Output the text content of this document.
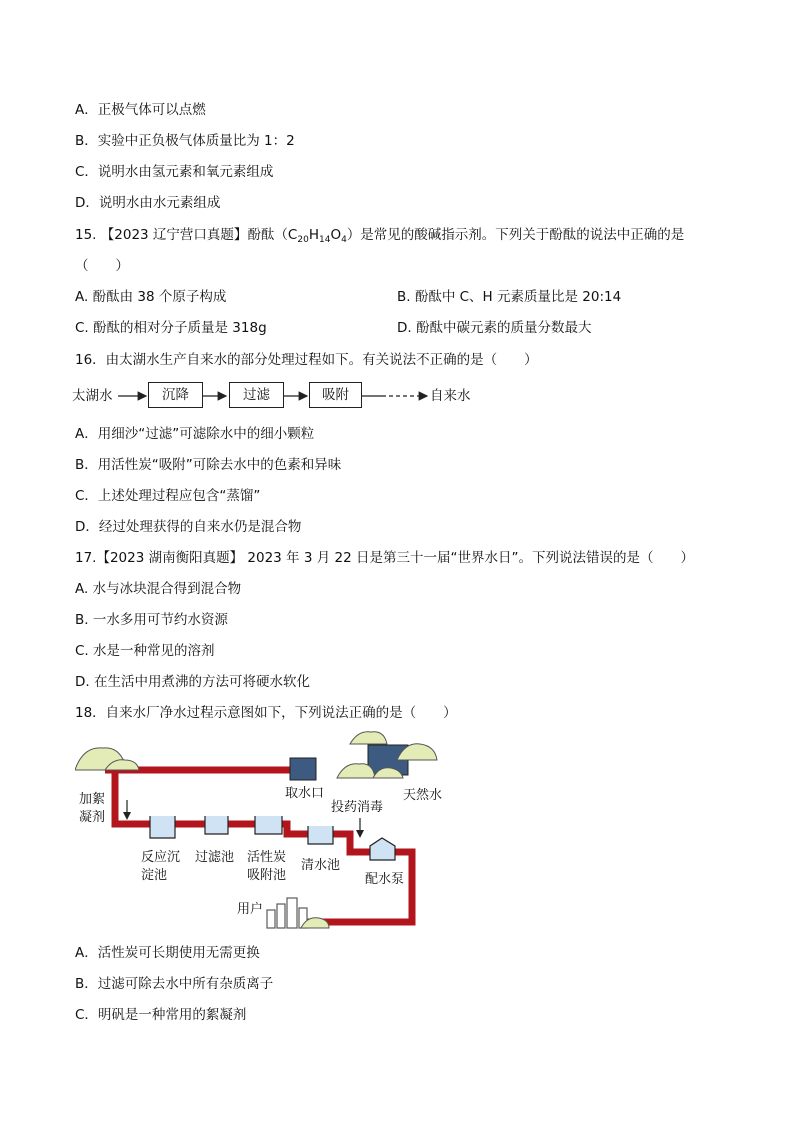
A．正极气体可以点燃
B．实验中正负极气体质量比为 1：2
C．说明水由氢元素和氧元素组成
D．说明水由水元素组成
15. 【2023 辽宁营口真题】酚酞$(C_{20}H_{14}O_4)$是常见的酸碱指示剂。下列关于酚酞的说法中正确的是
（　　）
A. 酚酞由 38 个原子构成	B. 酚酞中 C、H 元素质量比是 20:14
C. 酚酞的相对分子质量是 318g	D. 酚酞中碳元素的质量分数最大
16．由太湖水生产自来水的部分处理过程如下。有关说法不正确的是（　　）
太湖水	沉降	过滤	吸附	自来水
A．用细沙“过滤”可滤除水中的细小颗粒
B．用活性炭“吸附”可除去水中的色素和异味
C．上述处理过程应包含“蒸馏”
D．经过处理获得的自来水仍是混合物
17.【2023 湖南衡阳真题】 2023 年 3 月 22 日是第三十一届“世界水日”。下列说法错误的是（　　）
A. 水与冰块混合得到混合物
B. 一水多用可节约水资源
C. 水是一种常见的溶剂
D. 在生活中用煮沸的方法可将硬水软化
18．自来水厂净水过程示意图如下，下列说法正确的是（　　）
加絮
凝剂
取水口	天然水
投药消毒
反应沉
淀池
过滤池 活性炭
吸附池
清水池
配水泵
用户
A．活性炭可长期使用无需更换
B．过滤可除去水中所有杂质离子
C．明矾是一种常用的絮凝剂
